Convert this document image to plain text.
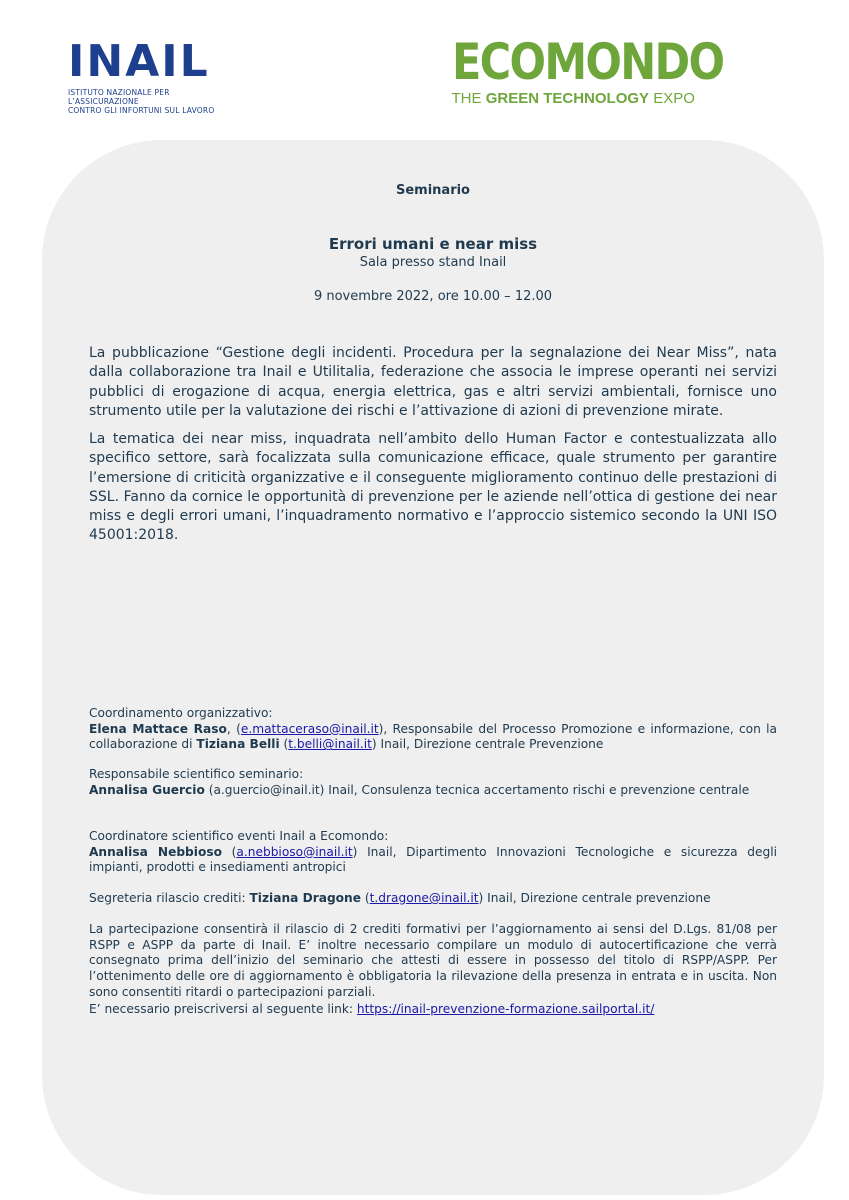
INAIL
ISTITUTO NAZIONALE PER L’ASSICURAZIONE
CONTRO GLI INFORTUNI SUL LAVORO
ECOMONDO
THE GREEN TECHNOLOGY EXPO
Seminario
Errori umani e near miss
Sala presso stand Inail
9 novembre 2022, ore 10.00 – 12.00
La pubblicazione “Gestione degli incidenti. Procedura per la segnalazione dei Near Miss”, nata dalla collaborazione tra Inail e Utilitalia, federazione che associa le imprese operanti nei servizi pubblici di erogazione di acqua, energia elettrica, gas e altri servizi ambientali, fornisce uno strumento utile per la valutazione dei rischi e l’attivazione di azioni di prevenzione mirate.
La tematica dei near miss, inquadrata nell’ambito dello Human Factor e contestualizzata allo specifico settore, sarà focalizzata sulla comunicazione efficace, quale strumento per garantire l’emersione di criticità organizzative e il conseguente miglioramento continuo delle prestazioni di SSL. Fanno da cornice le opportunità di prevenzione per le aziende nell’ottica di gestione dei near miss e degli errori umani, l’inquadramento normativo e l’approccio sistemico secondo la UNI ISO 45001:2018.
Coordinamento organizzativo:
Elena Mattace Raso, (e.mattaceraso@inail.it), Responsabile del Processo Promozione e informazione, con la collaborazione di Tiziana Belli (t.belli@inail.it) Inail, Direzione centrale Prevenzione
Responsabile scientifico seminario:
Annalisa Guercio (a.guercio@inail.it) Inail, Consulenza tecnica accertamento rischi e prevenzione centrale
Coordinatore scientifico eventi Inail a Ecomondo:
Annalisa Nebbioso (a.nebbioso@inail.it) Inail, Dipartimento Innovazioni Tecnologiche e sicurezza degli impianti, prodotti e insediamenti antropici
Segreteria rilascio crediti: Tiziana Dragone (t.dragone@inail.it) Inail, Direzione centrale prevenzione
La partecipazione consentirà il rilascio di 2 crediti formativi per l’aggiornamento ai sensi del D.Lgs. 81/08 per RSPP e ASPP da parte di Inail. E’ inoltre necessario compilare un modulo di autocertificazione che verrà consegnato prima dell’inizio del seminario che attesti di essere in possesso del titolo di RSPP/ASPP. Per l’ottenimento delle ore di aggiornamento è obbligatoria la rilevazione della presenza in entrata e in uscita. Non sono consentiti ritardi o partecipazioni parziali.
E’ necessario preiscriversi al seguente link: https://inail-prevenzione-formazione.sailportal.it/
